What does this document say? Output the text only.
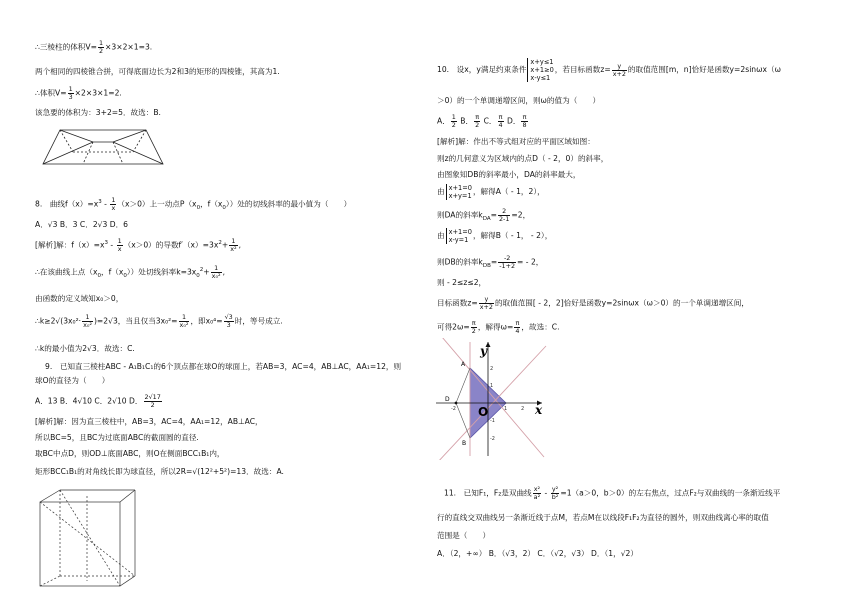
∴三棱柱的体积$V= \frac{1}{2} \times 3\times 2\times 1=3$.
两个相同的四棱锥合拼，可得底面边长为2和3的矩形的四棱锥，其高为1.
∴体积$V= \frac{1}{3} \times 2\times 3\times 1=2$.
该急要的体积为：3+2=5．故选：B.
8.　曲线$f(x)=x^3 - \frac{1}{x} (x>0)$上一动点$P(x_0$，$f(x_0)$）处的切线斜率的最小值为（　　）
A．√3 B．3 C．2√3 D．6
[解析]解：$f(x)=x^3 - \frac{1}{x} (x>0)$的导数$f'(x)=3x^2+ \frac{1}{\text{x²}}$ ,
∴在该曲线上点（$x_0$，$f(x_0)$）处切线斜率$k=3x_0^2+ \frac{1}{\text{x₀²}}$ ,
由函数的定义域知x₀＞0，
∴k≥2√(3x₀²· $\frac{1}{\text{x₀²}} )=2√3$，当且仅当$3x_0^2= \frac{1}{\text{x₀²}}$ ，即$x_0^4= \frac{√3}{3}$ 时，等号成立.
∴k的最小值为2√3．故选：C.
9.　已知直三棱柱ABC - A₁B₁C₁的6个顶点都在球O的球面上，若AB=3，AC=4，AB⊥AC，AA₁=12，则
球O的直径为（　　）
A．13 B．4√10 C．2√10 D． $\frac{2√17}{2}$
[解析]解：因为直三棱柱中，AB=3，AC=4，AA₁=12，AB⊥AC，
所以BC=5，且BC为过底面ABC的截面圆的直径.
取BC中点D，则OD⊥底面ABC，则O在侧面BCC₁B₁内，
矩形BCC₁B₁的对角线长即为球直径，所以2R=√(12²+5²)=13．故选：A.
10.　设x，y满足约束条件
x+y≤1
x+1≥0
x-y≤1
，若目标函数$z= \frac{y}{x+2}$ 的取值范围[m，n]恰好是函数y=2sinωx（ω
＞0）的一个单调递增区间，则ω的值为（　　）
A． $\frac{1}{2}$ B． $\frac{\pi}{2}$ C． $\frac{\pi}{4}$ D． $\frac{\pi}{8}$
[解析]解：作出不等式组对应的平面区域如图：
则z的几何意义为区域内的点D（ - 2，0）的斜率，
由图象知DB的斜率最小，DA的斜率最大，
由 x+1=0
x+y=1 ，解得A（ - 1，2），
则DA的斜率$k_{DA}= \frac{2}{2-1} =2$，
由 x+1=0
x-y=1 ，解得B（ - 1， - 2），
则DB的斜率$k_{DB}= \frac{-2}{-1+2}$ = - 2，
则 - 2≤z≤2，
目标函数$z= \frac{y}{x+2}$ 的取值范围[ - 2，2]恰好是函数y=2sinωx（ω＞0）的一个单调递增区间，
可得$2\omega= \frac{\pi}{2}$ ，解得$\omega= \frac{\pi}{4}$ ，故选：C.
y
x
O
A
B
D
2
1
-1
-2
-2	1	2
11.　已知F₁，F₂是双曲线 $\frac{\text{x²}}{\text{a²}} - \frac{\text{y²}}{\text{b²}} =1(a>0$，b＞0）的左右焦点，过点F₂与双曲线的一条渐近线平
行的直线交双曲线另一条渐近线于点M，若点M在以线段F₁F₂为直径的圆外，则双曲线离心率的取值
范围是（　　）
A．（2，+∞） B．（√3，2） C．（√2，√3） D．（1，√2）
